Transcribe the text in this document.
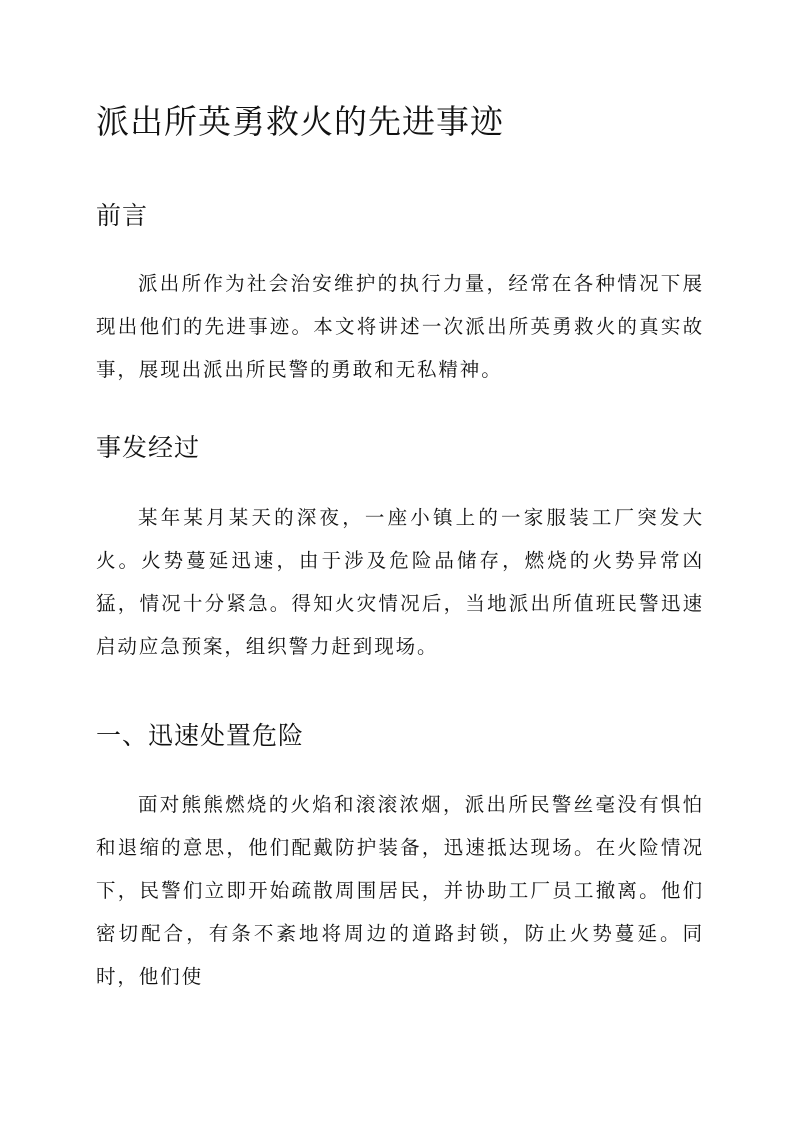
派出所英勇救火的先进事迹
前言

派出所作为社会治安维护的执行力量，经常在各种情况下展现出他们的先进事迹。本文将讲述一次派出所英勇救火的真实故事，展现出派出所民警的勇敢和无私精神。

事发经过

某年某月某天的深夜，一座小镇上的一家服装工厂突发大火。火势蔓延迅速，由于涉及危险品储存，燃烧的火势异常凶猛，情况十分紧急。得知火灾情况后，当地派出所值班民警迅速启动应急预案，组织警力赶到现场。

一、迅速处置危险

面对熊熊燃烧的火焰和滚滚浓烟，派出所民警丝毫没有惧怕和退缩的意思，他们配戴防护装备，迅速抵达现场。在火险情况下，民警们立即开始疏散周围居民，并协助工厂员工撤离。他们密切配合，有条不紊地将周边的道路封锁，防止火势蔓延。同时，他们使
